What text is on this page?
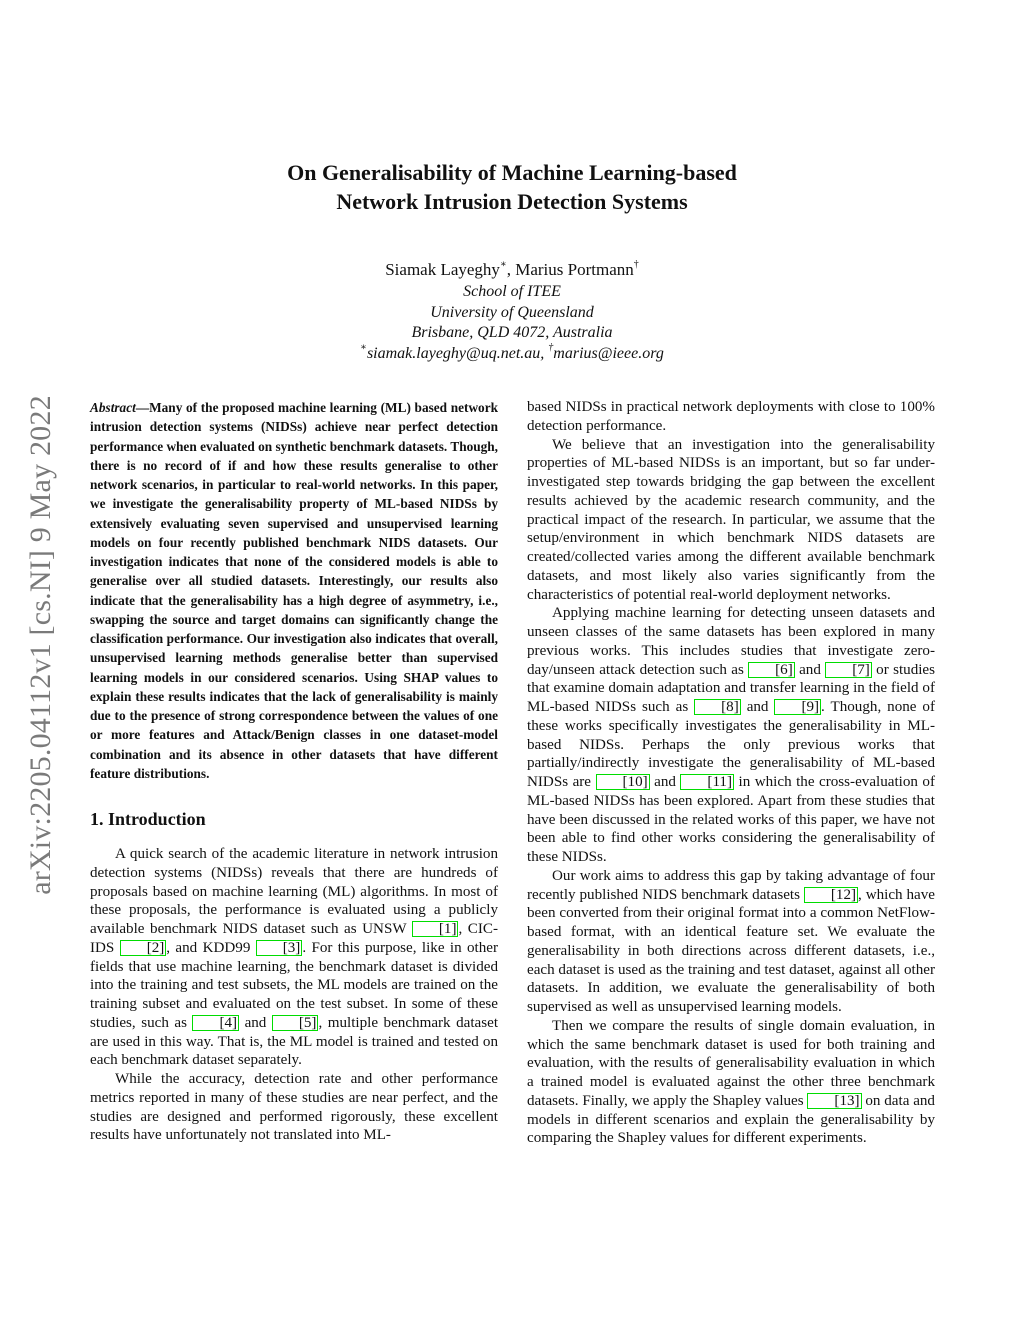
arXiv:2205.04112v1 [cs.NI] 9 May 2022
On Generalisability of Machine Learning-based
Network Intrusion Detection Systems
Siamak Layeghy∗, Marius Portmann†
School of ITEE
University of Queensland
Brisbane, QLD 4072, Australia
∗siamak.layeghy@uq.net.au, †marius@ieee.org

Abstract—Many of the proposed machine learning (ML) based network intrusion detection systems (NIDSs) achieve near perfect detection performance when evaluated on synthetic benchmark datasets. Though, there is no record of if and how these results generalise to other network scenarios, in particular to real-world networks. In this paper, we investigate the generalisability property of ML-based NIDSs by extensively evaluating seven supervised and unsupervised learning models on four recently published benchmark NIDS datasets. Our investigation indicates that none of the considered models is able to generalise over all studied datasets. Interestingly, our results also indicate that the generalisability has a high degree of asymmetry, i.e., swapping the source and target domains can significantly change the classification performance. Our investigation also indicates that overall, unsupervised learning methods generalise better than supervised learning models in our considered scenarios. Using SHAP values to explain these results indicates that the lack of generalisability is mainly due to the presence of strong correspondence between the values of one or more features and Attack/Benign classes in one dataset-model combination and its absence in other datasets that have different feature distributions.

1. Introduction

A quick search of the academic literature in network intrusion detection systems (NIDSs) reveals that there are hundreds of proposals based on machine learning (ML) algorithms. In most of these proposals, the performance is evaluated using a publicly available benchmark NIDS dataset such as UNSW [1] , CIC-IDS [2] , and KDD99 [3] . For this purpose, like in other fields that use machine learning, the benchmark dataset is divided into the training and test subsets, the ML models are trained on the training subset and evaluated on the test subset. In some of these studies, such as [4] and [5] , multiple benchmark dataset are used in this way. That is, the ML model is trained and tested on each benchmark dataset separately.

While the accuracy, detection rate and other performance metrics reported in many of these studies are near perfect, and the studies are designed and performed rigorously, these excellent results have unfortunately not translated into ML-

based NIDSs in practical network deployments with close to 100% detection performance.

We believe that an investigation into the generalisability properties of ML-based NIDSs is an important, but so far under-investigated step towards bridging the gap between the excellent results achieved by the academic research community, and the practical impact of the research. In particular, we assume that the setup/environment in which benchmark NIDS datasets are created/collected varies among the different available benchmark datasets, and most likely also varies significantly from the characteristics of potential real-world deployment networks.

Applying machine learning for detecting unseen datasets and unseen classes of the same datasets has been explored in many previous works. This includes studies that investigate zero-day/unseen attack detection such as [6] and [7] or studies that examine domain adaptation and transfer learning in the field of ML-based NIDSs such as [8] and [9] . Though, none of these works specifically investigates the generalisability in ML-based NIDSs. Perhaps the only previous works that partially/indirectly investigate the generalisability of ML-based NIDSs are [10] and [11] in which the cross-evaluation of ML-based NIDSs has been explored. Apart from these studies that have been discussed in the related works of this paper, we have not been able to find other works considering the generalisability of these NIDSs.

Our work aims to address this gap by taking advantage of four recently published NIDS benchmark datasets [12] , which have been converted from their original format into a common NetFlow-based format, with an identical feature set. We evaluate the generalisability in both directions across different datasets, i.e., each dataset is used as the training and test dataset, against all other datasets. In addition, we evaluate the generalisability of both supervised as well as unsupervised learning models.

Then we compare the results of single domain evaluation, in which the same benchmark dataset is used for both training and evaluation, with the results of generalisability evaluation in which a trained model is evaluated against the other three benchmark datasets. Finally, we apply the Shapley values [13] on data and models in different scenarios and explain the generalisability by comparing the Shapley values for different experiments.
